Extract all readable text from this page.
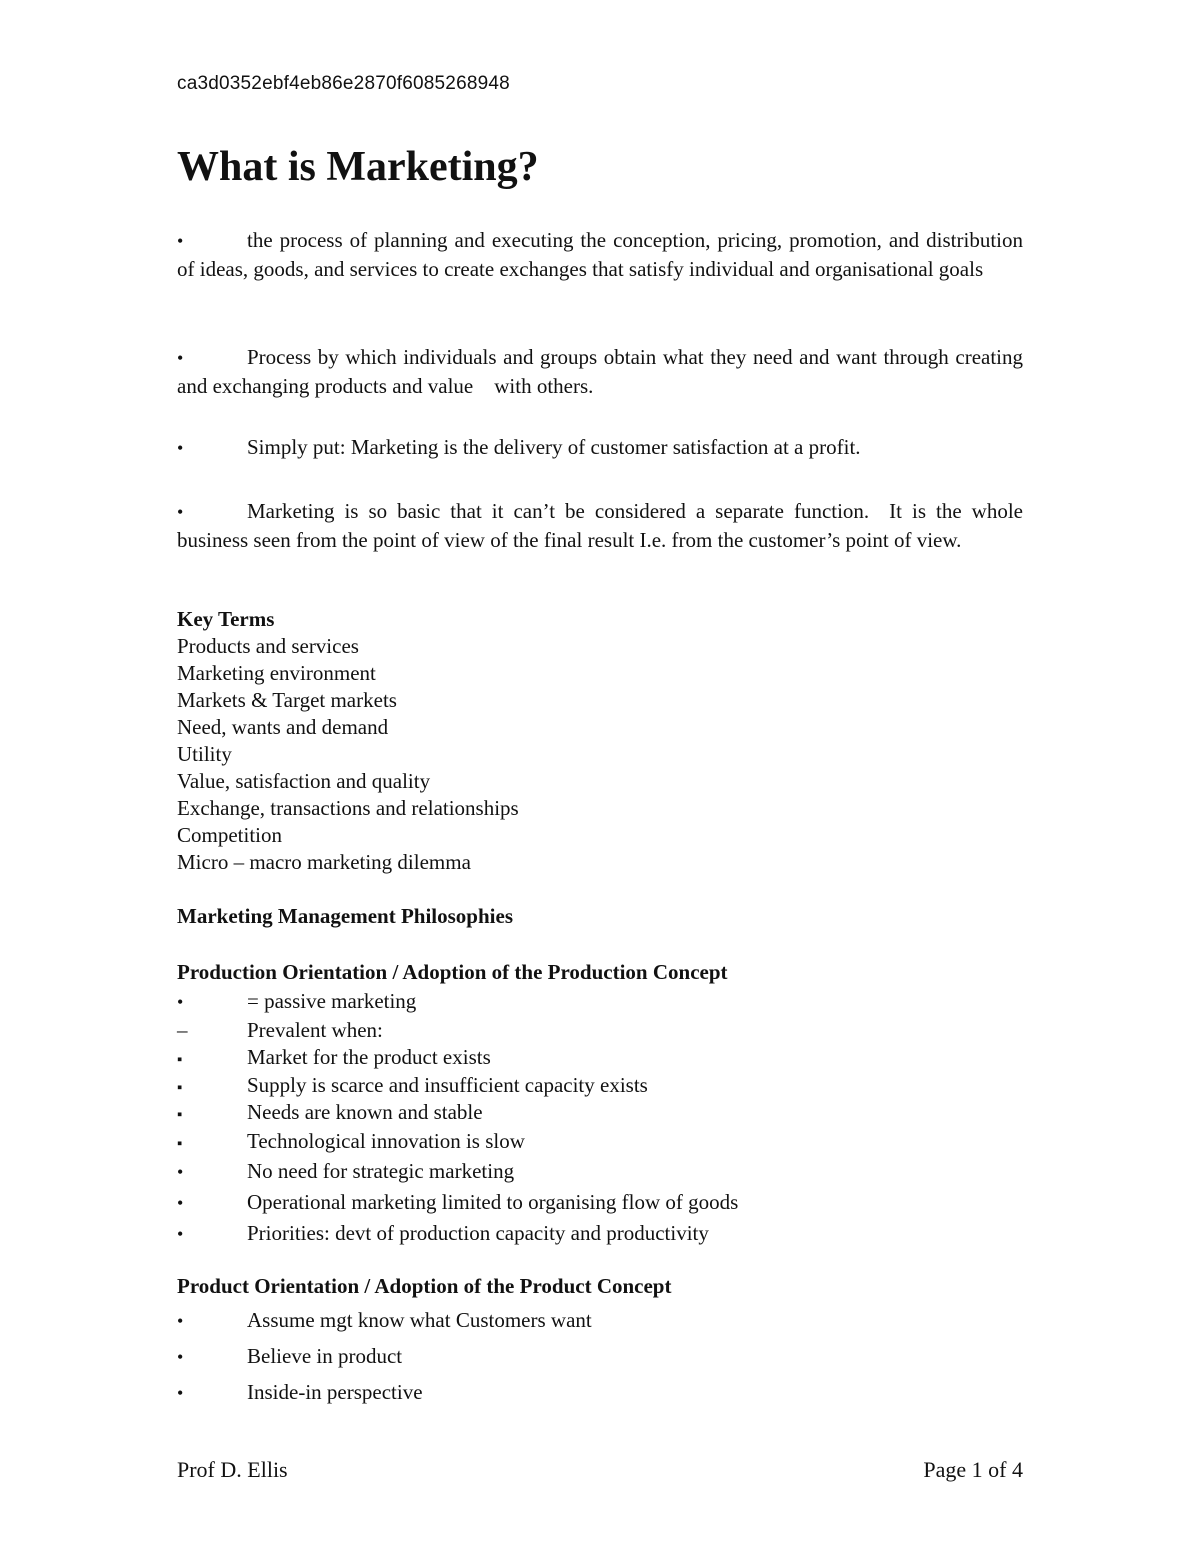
ca3d0352ebf4eb86e2870f6085268948
What is Marketing?

•	the process of planning and executing the conception, pricing, promotion, and distribution of ideas, goods, and services to create exchanges that satisfy individual and organisational goals

•	Process by which individuals and groups obtain what they need and want through creating and exchanging products and value    with others.

•	Simply put: Marketing is the delivery of customer satisfaction at a profit.

•	Marketing is so basic that it can’t be considered a separate function.  It is the whole business seen from the point of view of the final result I.e. from the customer’s point of view.

Key Terms

Products and services

Marketing environment

Markets & Target markets

Need, wants and demand

Utility

Value, satisfaction and quality

Exchange, transactions and relationships

Competition

Micro – macro marketing dilemma

Marketing Management Philosophies

Production Orientation / Adoption of the Production Concept

•	= passive marketing
–	Prevalent when:
▪	Market for the product exists
▪	Supply is scarce and insufficient capacity exists
▪	Needs are known and stable
▪	Technological innovation is slow
•	No need for strategic marketing
•	Operational marketing limited to organising flow of goods
•	Priorities: devt of production capacity and productivity

Product Orientation / Adoption of the Product Concept

•	Assume mgt know what Customers want
•	Believe in product
•	Inside-in perspective
Prof D. Ellis	Page 1 of 4
